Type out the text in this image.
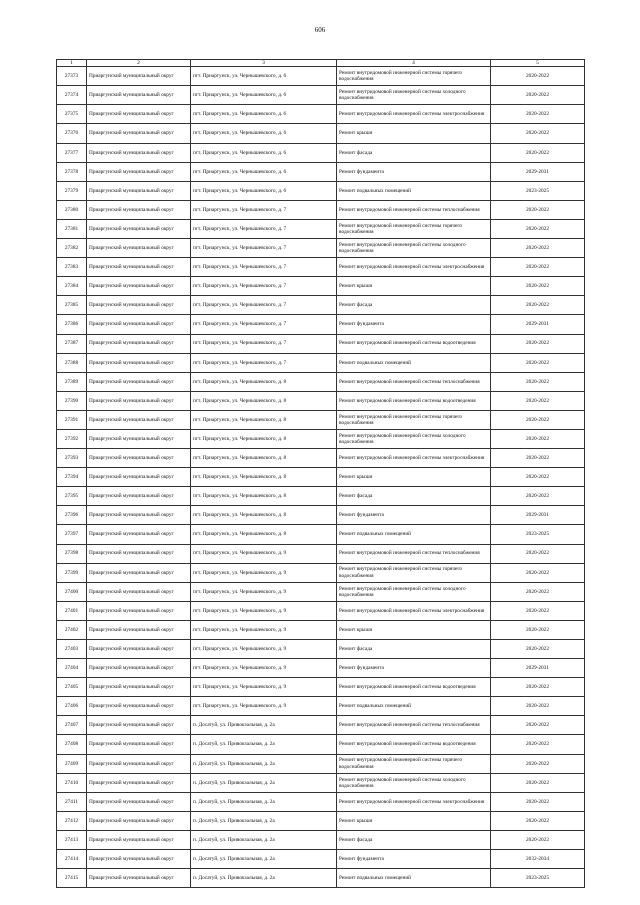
606
1	2	3	4	5
27373	Приаргунский муниципальный округ	пгт. Приаргунск, ул. Чернышевского, д. 6	Ремонт внутридомовой инженерной системы горячего водоснабжения	2020-2022
27374	Приаргунский муниципальный округ	пгт. Приаргунск, ул. Чернышевского, д. 6	Ремонт внутридомовой инженерной системы холодного водоснабжения	2020-2022
27375	Приаргунский муниципальный округ	пгт. Приаргунск, ул. Чернышевского, д. 6	Ремонт внутридомовой инженерной системы электроснабжения	2020-2022
27376	Приаргунский муниципальный округ	пгт. Приаргунск, ул. Чернышевского, д. 6	Ремонт крыши	2020-2022
27377	Приаргунский муниципальный округ	пгт. Приаргунск, ул. Чернышевского, д. 6	Ремонт фасада	2020-2022
27378	Приаргунский муниципальный округ	пгт. Приаргунск, ул. Чернышевского, д. 6	Ремонт фундамента	2029-2031
27379	Приаргунский муниципальный округ	пгт. Приаргунск, ул. Чернышевского, д. 6	Ремонт подвальных помещений	2023-2025
27380	Приаргунский муниципальный округ	пгт. Приаргунск, ул. Чернышевского, д. 7	Ремонт внутридомовой инженерной системы теплоснабжения	2020-2022
27381	Приаргунский муниципальный округ	пгт. Приаргунск, ул. Чернышевского, д. 7	Ремонт внутридомовой инженерной системы горячего водоснабжения	2020-2022
27382	Приаргунский муниципальный округ	пгт. Приаргунск, ул. Чернышевского, д. 7	Ремонт внутридомовой инженерной системы холодного водоснабжения	2020-2022
27383	Приаргунский муниципальный округ	пгт. Приаргунск, ул. Чернышевского, д. 7	Ремонт внутридомовой инженерной системы электроснабжения	2020-2022
27384	Приаргунский муниципальный округ	пгт. Приаргунск, ул. Чернышевского, д. 7	Ремонт крыши	2020-2022
27385	Приаргунский муниципальный округ	пгт. Приаргунск, ул. Чернышевского, д. 7	Ремонт фасада	2020-2022
27386	Приаргунский муниципальный округ	пгт. Приаргунск, ул. Чернышевского, д. 7	Ремонт фундамента	2029-2031
27387	Приаргунский муниципальный округ	пгт. Приаргунск, ул. Чернышевского, д. 7	Ремонт внутридомовой инженерной системы водоотведения	2020-2022
27388	Приаргунский муниципальный округ	пгт. Приаргунск, ул. Чернышевского, д. 7	Ремонт подвальных помещений	2020-2022
27389	Приаргунский муниципальный округ	пгт. Приаргунск, ул. Чернышевского, д. 8	Ремонт внутридомовой инженерной системы теплоснабжения	2020-2022
27390	Приаргунский муниципальный округ	пгт. Приаргунск, ул. Чернышевского, д. 8	Ремонт внутридомовой инженерной системы водоотведения	2020-2022
27391	Приаргунский муниципальный округ	пгт. Приаргунск, ул. Чернышевского, д. 8	Ремонт внутридомовой инженерной системы горячего водоснабжения	2020-2022
27392	Приаргунский муниципальный округ	пгт. Приаргунск, ул. Чернышевского, д. 8	Ремонт внутридомовой инженерной системы холодного водоснабжения	2020-2022
27393	Приаргунский муниципальный округ	пгт. Приаргунск, ул. Чернышевского, д. 8	Ремонт внутридомовой инженерной системы электроснабжения	2020-2022
27394	Приаргунский муниципальный округ	пгт. Приаргунск, ул. Чернышевского, д. 8	Ремонт крыши	2020-2022
27395	Приаргунский муниципальный округ	пгт. Приаргунск, ул. Чернышевского, д. 8	Ремонт фасада	2020-2022
27396	Приаргунский муниципальный округ	пгт. Приаргунск, ул. Чернышевского, д. 8	Ремонт фундамента	2029-2031
27397	Приаргунский муниципальный округ	пгт. Приаргунск, ул. Чернышевского, д. 8	Ремонт подвальных помещений	2023-2025
27398	Приаргунский муниципальный округ	пгт. Приаргунск, ул. Чернышевского, д. 9	Ремонт внутридомовой инженерной системы теплоснабжения	2020-2022
27399	Приаргунский муниципальный округ	пгт. Приаргунск, ул. Чернышевского, д. 9	Ремонт внутридомовой инженерной системы горячего водоснабжения	2020-2022
27400	Приаргунский муниципальный округ	пгт. Приаргунск, ул. Чернышевского, д. 9	Ремонт внутридомовой инженерной системы холодного водоснабжения	2020-2022
27401	Приаргунский муниципальный округ	пгт. Приаргунск, ул. Чернышевского, д. 9	Ремонт внутридомовой инженерной системы электроснабжения	2020-2022
27402	Приаргунский муниципальный округ	пгт. Приаргунск, ул. Чернышевского, д. 9	Ремонт крыши	2020-2022
27403	Приаргунский муниципальный округ	пгт. Приаргунск, ул. Чернышевского, д. 9	Ремонт фасада	2020-2022
27404	Приаргунский муниципальный округ	пгт. Приаргунск, ул. Чернышевского, д. 9	Ремонт фундамента	2029-2031
27405	Приаргунский муниципальный округ	пгт. Приаргунск, ул. Чернышевского, д. 9	Ремонт внутридомовой инженерной системы водоотведения	2020-2022
27406	Приаргунский муниципальный округ	пгт. Приаргунск, ул. Чернышевского, д. 9	Ремонт подвальных помещений	2020-2022
27407	Приаргунский муниципальный округ	п. Досатуй, ул. Привокзальная, д. 2а	Ремонт внутридомовой инженерной системы теплоснабжения	2020-2022
27408	Приаргунский муниципальный округ	п. Досатуй, ул. Привокзальная, д. 2а	Ремонт внутридомовой инженерной системы водоотведения	2020-2022
27409	Приаргунский муниципальный округ	п. Досатуй, ул. Привокзальная, д. 2а	Ремонт внутридомовой инженерной системы горячего водоснабжения	2020-2022
27410	Приаргунский муниципальный округ	п. Досатуй, ул. Привокзальная, д. 2а	Ремонт внутридомовой инженерной системы холодного водоснабжения	2020-2022
27411	Приаргунский муниципальный округ	п. Досатуй, ул. Привокзальная, д. 2а	Ремонт внутридомовой инженерной системы электроснабжения	2020-2022
27412	Приаргунский муниципальный округ	п. Досатуй, ул. Привокзальная, д. 2а	Ремонт крыши	2020-2022
27413	Приаргунский муниципальный округ	п. Досатуй, ул. Привокзальная, д. 2а	Ремонт фасада	2020-2022
27414	Приаргунский муниципальный округ	п. Досатуй, ул. Привокзальная, д. 2а	Ремонт фундамента	2032-2034
27415	Приаргунский муниципальный округ	п. Досатуй, ул. Привокзальная, д. 2а	Ремонт подвальных помещений	2023-2025
